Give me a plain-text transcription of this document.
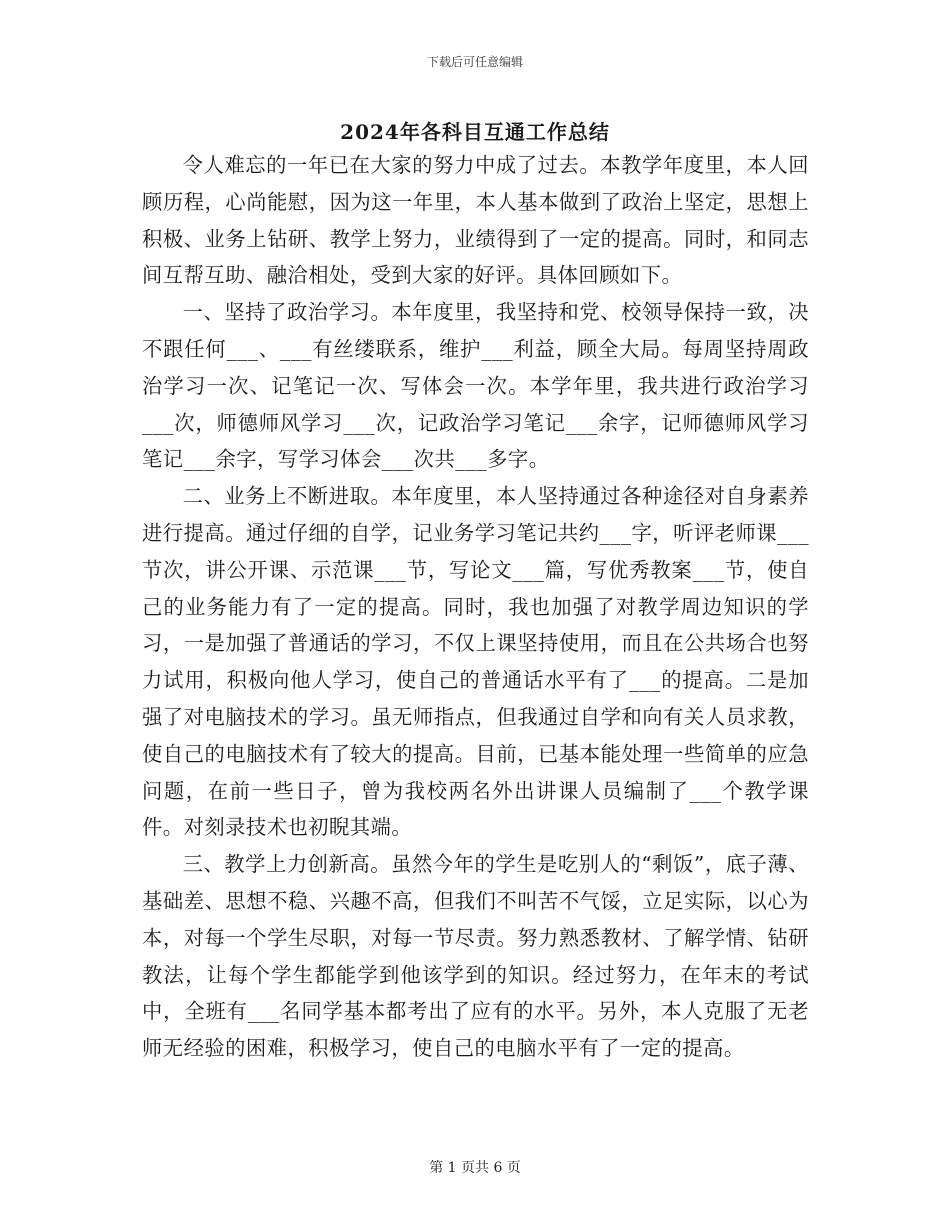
下载后可任意编辑
2024年各科目互通工作总结

令人难忘的一年已在大家的努力中成了过去。本教学年度里，本人回顾历程，心尚能慰，因为这一年里，本人基本做到了政治上坚定，思想上积极、业务上钻研、教学上努力，业绩得到了一定的提高。同时，和同志间互帮互助、融洽相处，受到大家的好评。具体回顾如下。

一、坚持了政治学习。本年度里，我坚持和党、校领导保持一致，决不跟任何___、___有丝缕联系，维护___利益，顾全大局。每周坚持周政治学习一次、记笔记一次、写体会一次。本学年里，我共进行政治学习___次，师德师风学习___次，记政治学习笔记___余字，记师德师风学习笔记___余字，写学习体会___次共___多字。

二、业务上不断进取。本年度里，本人坚持通过各种途径对自身素养进行提高。通过仔细的自学，记业务学习笔记共约___字，听评老师课___节次，讲公开课、示范课___节，写论文___篇，写优秀教案___节，使自己的业务能力有了一定的提高。同时，我也加强了对教学周边知识的学习，一是加强了普通话的学习，不仅上课坚持使用，而且在公共场合也努力试用，积极向他人学习，使自己的普通话水平有了___的提高。二是加强了对电脑技术的学习。虽无师指点，但我通过自学和向有关人员求教，使自己的电脑技术有了较大的提高。目前，已基本能处理一些简单的应急问题，在前一些日子，曾为我校两名外出讲课人员编制了___个教学课件。对刻录技术也初睨其端。

三、教学上力创新高。虽然今年的学生是吃别人的“剩饭”，底子薄、基础差、思想不稳、兴趣不高，但我们不叫苦不气馁，立足实际，以心为本，对每一个学生尽职，对每一节尽责。努力熟悉教材、了解学情、钻研教法，让每个学生都能学到他该学到的知识。经过努力，在年末的考试中，全班有___名同学基本都考出了应有的水平。另外，本人克服了无老师无经验的困难，积极学习，使自己的电脑水平有了一定的提高。

第 1 页共 6 页
